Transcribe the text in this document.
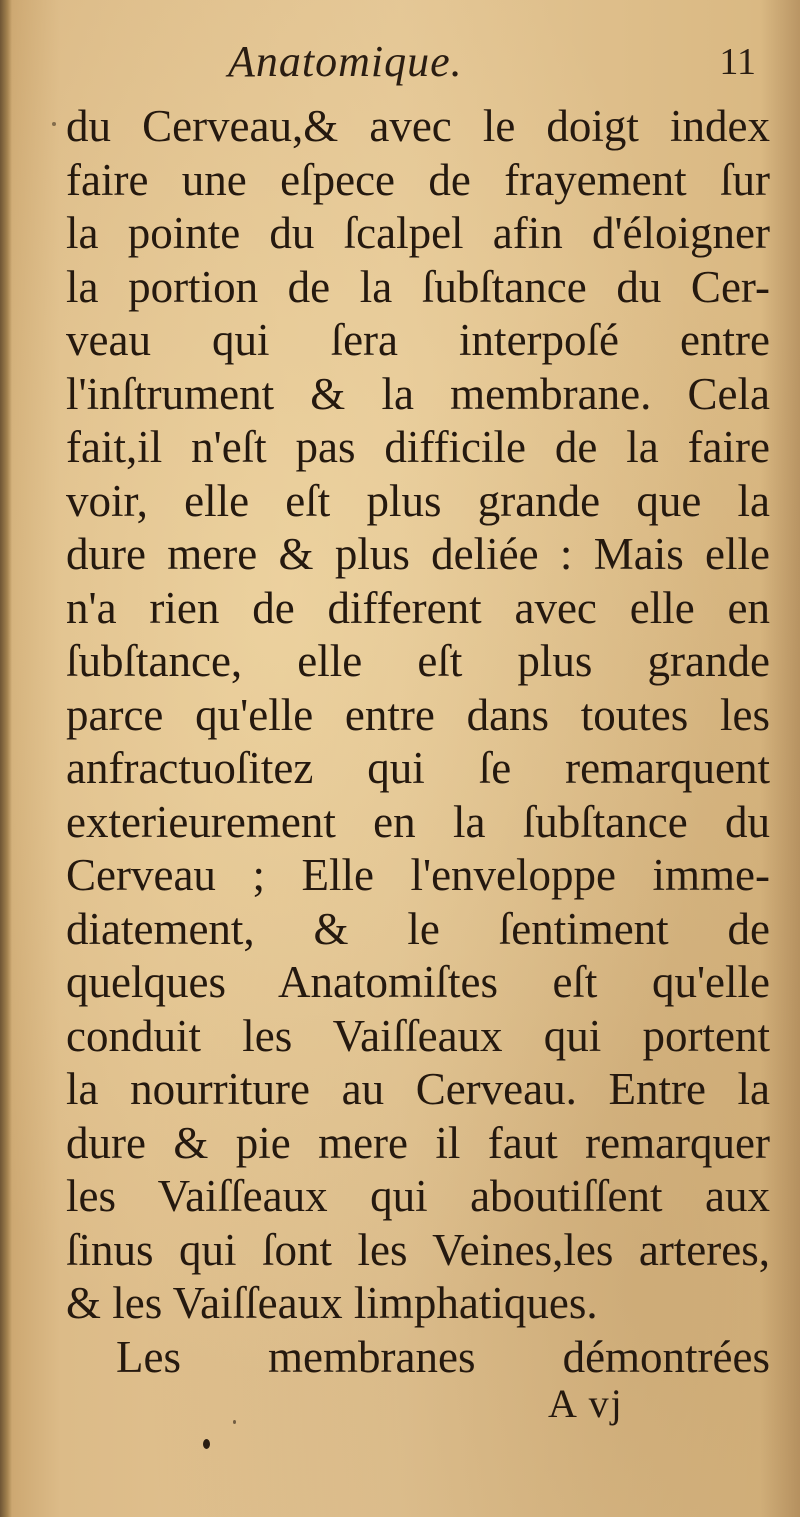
Anatomique.	11
du Cerveau,& avec le doigt index
faire une eſpece de frayement ſur
la pointe du ſcalpel afin d'éloigner
la portion de la ſubſtance du Cer-
veau qui ſera interpoſé entre
l'inſtrument & la membrane. Cela
fait,il n'eſt pas difficile de la faire
voir, elle eſt plus grande que la
dure mere & plus deliée : Mais elle
n'a rien de different avec elle en
ſubſtance, elle eſt plus grande
parce qu'elle entre dans toutes les
anfractuoſitez qui ſe remarquent
exterieurement en la ſubſtance du
Cerveau ; Elle l'enveloppe imme-
diatement, & le ſentiment de
quelques Anatomiſtes eſt qu'elle
conduit les Vaiſſeaux qui portent
la nourriture au Cerveau. Entre la
dure & pie mere il faut remarquer
les Vaiſſeaux qui aboutiſſent aux
ſinus qui ſont les Veines,les arteres,
& les Vaiſſeaux limphatiques.
Les membranes démontrées
A vj
